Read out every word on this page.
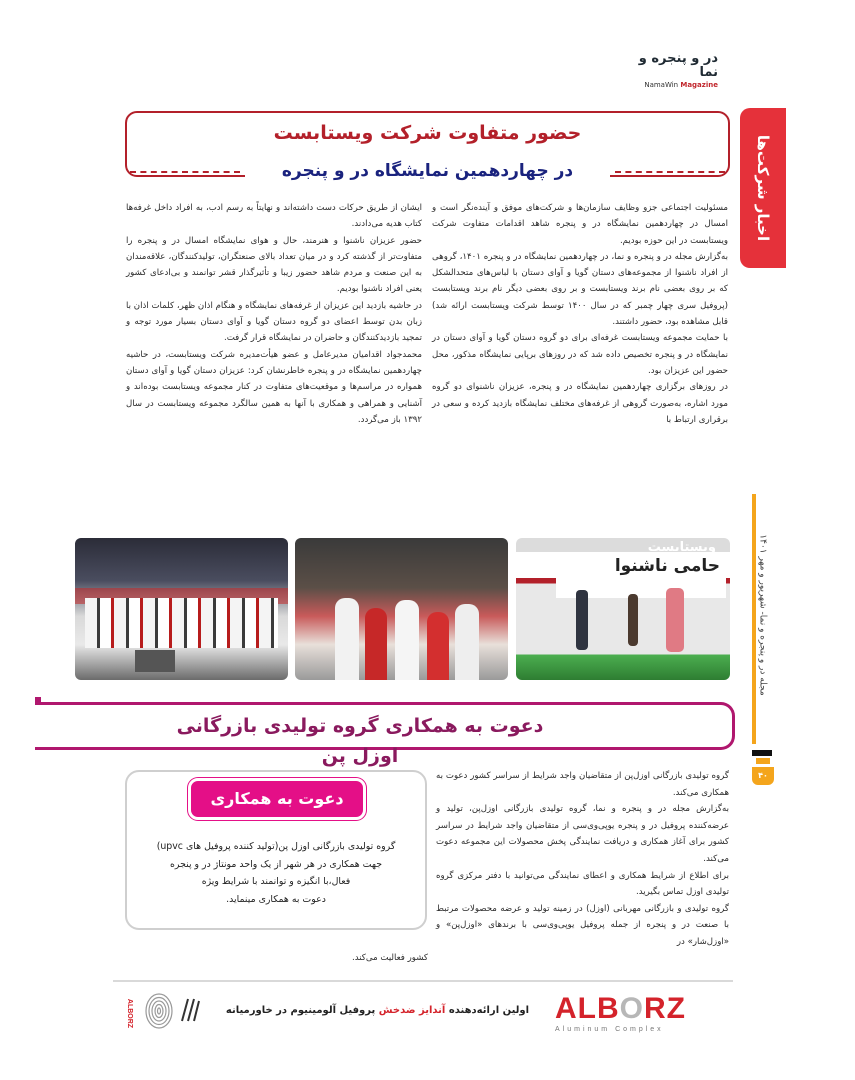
در و پنجره و نما
NamaWin Magazine
اخبار شرکت‌ها
مجله در و پنجره و نما- شهریور و مهر ۱۴۰۱
۴۰
حضور متفاوت شرکت ویستابست
در چهاردهمین نمایشگاه در و پنجره

مسئولیت اجتماعی جزو وظایف سازمان‌ها و شرکت‌های موفق و آینده‌نگر است و امسال در چهاردهمین نمایشگاه در و پنجره شاهد اقدامات متفاوت شرکت ویستابست در این حوزه بودیم.

به‌گزارش مجله در و پنجره و نما، در چهاردهمین نمایشگاه در و پنجره ۱۴۰۱، گروهی از افراد ناشنوا از مجموعه‌های دستان گویا و آوای دستان با لباس‌های متحدالشکل که بر روی بعضی نام برند ویستابست و بر روی بعضی دیگر نام برند ویستابست (پروفیل سری چهار چمبر که در سال ۱۴۰۰ توسط شرکت ویستابست ارائه شد) قابل مشاهده بود، حضور داشتند.

با حمایت مجموعه ویستابست غرفه‌ای برای دو گروه دستان گویا و آوای دستان در نمایشگاه در و پنجره تخصیص داده شد که در روزهای برپایی نمایشگاه مذکور، محل حضور این عزیزان بود.

در روزهای برگزاری چهاردهمین نمایشگاه در و پنجره، عزیزان ناشنوای دو گروه مورد اشاره، به‌صورت گروهی از غرفه‌های مختلف نمایشگاه بازدید کرده و سعی در برقراری ارتباط با

ایشان از طریق حرکات دست داشته‌اند و نهایتاً به رسم ادب، به افراد داخل غرفه‌ها کتاب هدیه می‌دادند.

حضور عزیزان ناشنوا و هنرمند، حال و هوای نمایشگاه امسال در و پنجره را متفاوت‌تر از گذشته کرد و در میان تعداد بالای صنعتگران، تولیدکنندگان، علاقه‌مندان به این صنعت و مردم شاهد حضور زیبا و تأثیرگذار قشر توانمند و بی‌ادعای کشور یعنی افراد ناشنوا بودیم.

در حاشیه بازدید این عزیزان از غرفه‌های نمایشگاه و هنگام اذان ظهر، کلمات اذان با زبان بدن توسط اعضای دو گروه دستان گویا و آوای دستان بسیار مورد توجه و تمجید بازدیدکنندگان و حاضران در نمایشگاه قرار گرفت.

محمدجواد اقدامیان مدیرعامل و عضو هیأت‌مدیره شرکت ویستابست، در حاشیه چهاردهمین نمایشگاه در و پنجره خاطرنشان کرد: عزیزان دستان گویا و آوای دستان همواره در مراسم‌ها و موقعیت‌های متفاوت در کنار مجموعه ویستابست بوده‌اند و آشنایی و همراهی و همکاری با آنها به همین سالگرد مجموعه ویستابست در سال ۱۳۹۲ باز می‌گردد.

ویستابست
حامی ناشنوا
دعوت به همکاری گروه تولیدی بازرگانی اوزل پن

گروه تولیدی بازرگانی اوزل‌پن از متقاضیان واجد شرایط از سراسر کشور دعوت به همکاری می‌کند.

به‌گزارش مجله در و پنجره و نما، گروه تولیدی بازرگانی اوزل‌پن، تولید و عرضه‌کننده پروفیل در و پنجره یوپی‌وی‌سی از متقاضیان واجد شرایط در سراسر کشور برای آغاز همکاری و دریافت نمایندگی پخش محصولات این مجموعه دعوت می‌کند.

برای اطلاع از شرایط همکاری و اعطای نمایندگی می‌توانید با دفتر مرکزی گروه تولیدی اوزل تماس بگیرید.

گروه تولیدی و بازرگانی مهربانی (اوزل) در زمینه تولید و عرضه محصولات مرتبط با صنعت در و پنجره از جمله پروفیل یوپی‌وی‌سی با برندهای «اوزل‌پن» و «اوزل‌شار» در

کشور فعالیت می‌کند.
دعوت به همکاری
گروه تولیدی بازرگانی اوزل پن(تولید کننده پروفیل های upvc)
جهت همکاری در هر شهر از یک واحد مونتاژ در و پنجره
فعال،با انگیزه و توانمند با شرایط ویژه
دعوت به همکاری مینماید.
ALBORZ
Aluminum Complex
اولین ارائه‌دهنده آندایز ضدخش پروفیل آلومینیوم در خاورمیانه
ALBORZ
